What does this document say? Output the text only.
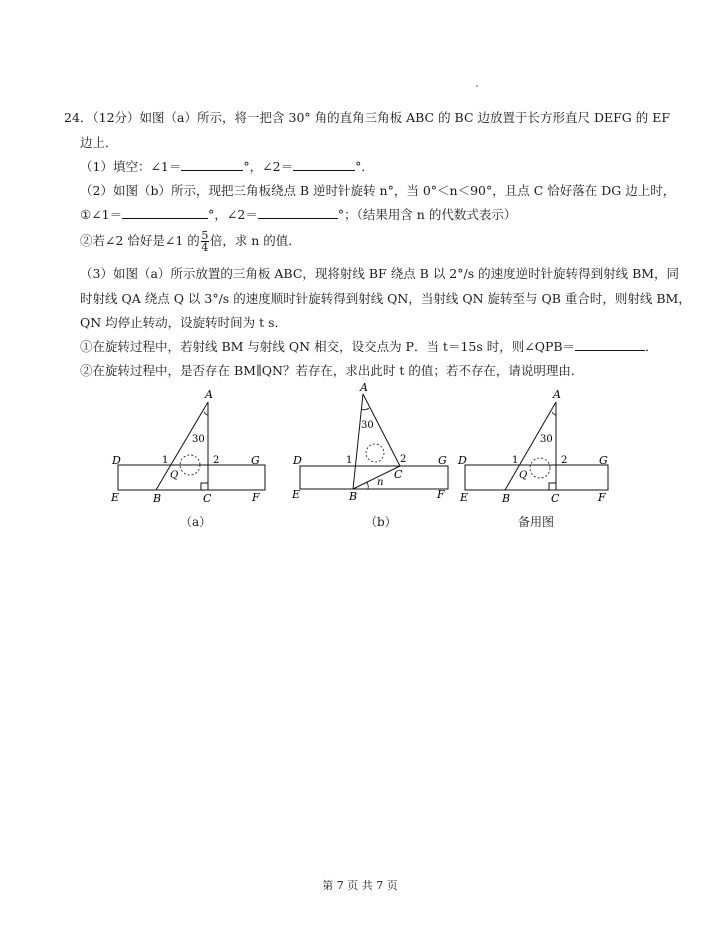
24．（12分）如图（a）所示，将一把含 30° 角的直角三角板 ABC 的 BC 边放置于长方形直尺 DEFG 的 EF
边上．
（1）填空：∠1＝	°，∠2＝	°．
（2）如图（b）所示，现把三角板绕点 B 逆时针旋转 n°，当 0°＜n＜90°，且点 C 恰好落在 DG 边上时，
①∠1＝	°，∠2＝	°；（结果用含 n 的代数式表示）
②若∠2 恰好是∠1 的 $\frac{5}{4}$ 倍，求 n 的值．
（3）如图（a）所示放置的三角板 ABC，现将射线 BF 绕点 B 以 2°/s 的速度逆时针旋转得到射线 BM，同
时射线 QA 绕点 Q 以 3°/s 的速度顺时针旋转得到射线 QN，当射线 QN 旋转至与 QB 重合时，则射线 BM，
QN 均停止转动，设旋转时间为 t s．
①在旋转过程中，若射线 BM 与射线 QN 相交，设交点为 P．当 t＝15s 时，则∠QPB＝	．
②在旋转过程中，是否存在 BM∥QN？若存在，求出此时 t 的值；若不存在，请说明理由．
A
30
D	G
1	2
Q
E	B	C	F
（a）
A
30
D	G
1	2
C
n
E	B	F
（b）
A
30
D	G
1	2
Q
E	B	C	F
备用图
第 7 页 共 7 页
